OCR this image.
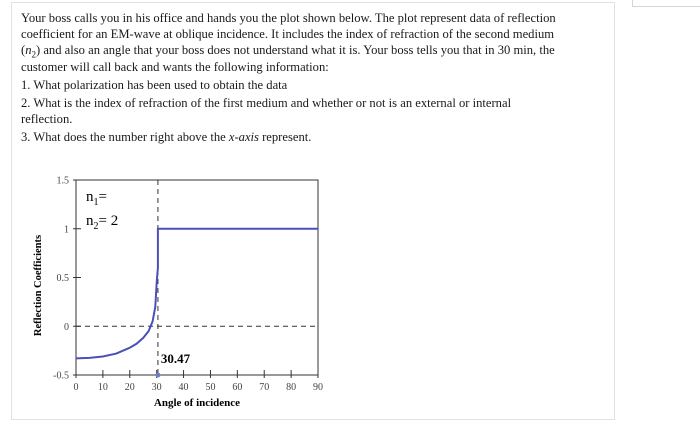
Your boss calls you in his office and hands you the plot shown below. The plot represent data of reflection

coefficient for an EM-wave at oblique incidence. It includes the index of refraction of the second medium

$(n_2)$ and also an angle that your boss does not understand what it is. Your boss tells you that in 30 min, the

customer will call back and wants the following information:

1. What polarization has been used to obtain the data

2. What is the index of refraction of the first medium and whether or not is an external or internal

reflection.

3. What does the number right above the x-axis represent.

0 10 20 30 40 50 60 70 80 90
-0.5
0
0.5
1
1.5
$n_1=$
$n_2= 2$
30.47
Angle of incidence
Reflection Coefficients
